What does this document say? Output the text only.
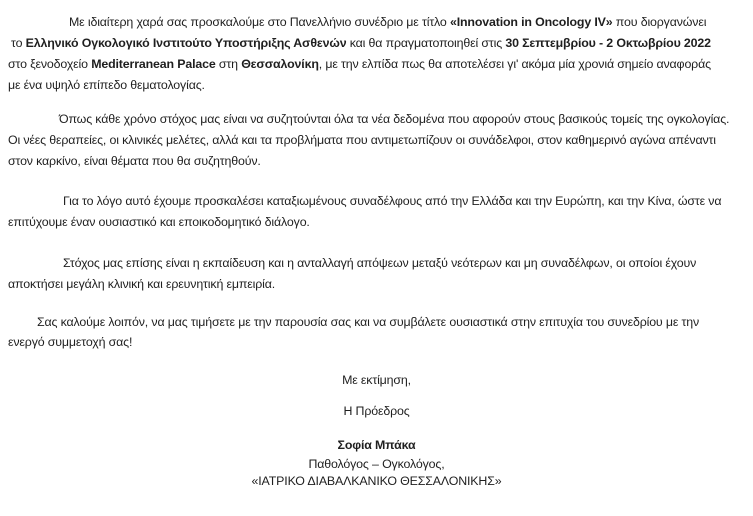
Με ιδιαίτερη χαρά σας προσκαλούμε στο Πανελλήνιο συνέδριο με τίτλο «Innovation in Oncology IV» που διοργανώνει
το Ελληνικό Ογκολογικό Ινστιτούτο Υποστήριξης Ασθενών και θα πραγματοποιηθεί στις 30 Σεπτεμβρίου - 2 Οκτωβρίου 2022
στο ξενοδοχείο Mediterranean Palace στη Θεσσαλονίκη, με την ελπίδα πως θα αποτελέσει γι' ακόμα μία χρονιά σημείο αναφοράς
με ένα υψηλό επίπεδο θεματολογίας.
Όπως κάθε χρόνο στόχος μας είναι να συζητούνται όλα τα νέα δεδομένα που αφορούν στους βασικούς τομείς της ογκολογίας.
Οι νέες θεραπείες, οι κλινικές μελέτες, αλλά και τα προβλήματα που αντιμετωπίζουν οι συνάδελφοι, στον καθημερινό αγώνα απέναντι
στον καρκίνο, είναι θέματα που θα συζητηθούν.
Για το λόγο αυτό έχουμε προσκαλέσει καταξιωμένους συναδέλφους από την Ελλάδα και την Ευρώπη, και την Κίνα, ώστε να
επιτύχουμε έναν ουσιαστικό και εποικοδομητικό διάλογο.
Στόχος μας επίσης είναι η εκπαίδευση και η ανταλλαγή απόψεων μεταξύ νεότερων και μη συναδέλφων, οι οποίοι έχουν
αποκτήσει μεγάλη κλινική και ερευνητική εμπειρία.
Σας καλούμε λοιπόν, να μας τιμήσετε με την παρουσία σας και να συμβάλετε ουσιαστικά στην επιτυχία του συνεδρίου με την
ενεργό συμμετοχή σας!
Με εκτίμηση,
Η Πρόεδρος
Σοφία Μπάκα
Παθολόγος – Ογκολόγος,
«ΙΑΤΡΙΚΟ ΔΙΑΒΑΛΚΑΝΙΚΟ ΘΕΣΣΑΛΟΝΙΚΗΣ»
